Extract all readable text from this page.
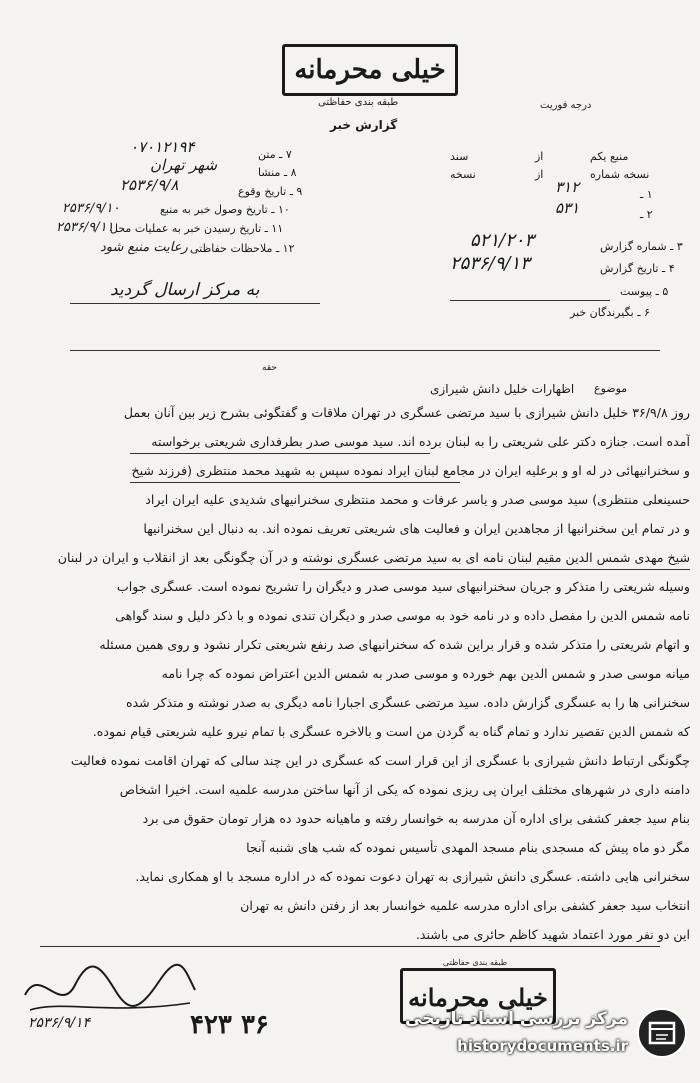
خیلی محرمانه
طبقه بندی حفاظتی
گزارش خبر
درجه فوریت
۷ ـ متن
۰۷۰۱۲۱۹۴
۸ ـ منشا
شهر تهران
۹ ـ تاریخ وقوع
۲۵۳۶/۹/۸
۱۰ ـ تاریخ وصول خبر به منبع
۲۵۳۶/۹/۱۰
۱۱ ـ تاریخ رسیدن خبر به عملیات محل
۲۵۳۶/۹/۱۱
۱۲ ـ ملاحظات حفاظتی
رعایت منبع شود
به مرکز ارسال گردید
منبع یکم
از
سند
نسخه شماره
از
نسخه
۱ ـ
۳۱۲
۲ ـ
۵۳۱
۳ ـ شماره گزارش
۵۲۱/۲۰۳
۴ ـ تاریخ گزارش
۲۵۳۶/۹/۱۳
۵ ـ پیوست
۶ ـ بگیرندگان خبر
حقه
موضوع
اظهارات خلیل دانش شیرازی
روز ۳۶/۹/۸ خلیل دانش شیرازی با سید مرتضی عسگری در تهران ملاقات و گفتگوئی بشرح زیر بین آنان بعمل
آمده است. جنازه دکتر علی شریعتی را به لبنان برده اند. سید موسی صدر بطرفداری شریعتی برخواسته
و سخنرانیهائی در له او و برعلیه ایران در مجامع لبنان ایراد نموده سپس به شهید محمد منتظری (فرزند شیخ
حسینعلی منتظری) سید موسی صدر و یاسر عرفات و محمد منتظری سخنرانیهای شدیدی علیه ایران ایراد
و در تمام این سخنرانیها از مجاهدین ایران و فعالیت های شریعتی تعریف نموده اند. به دنبال این سخنرانیها
شیخ مهدی شمس الدین مقیم لبنان نامه ای به سید مرتضی عسگری نوشته و در آن چگونگی بعد از انقلاب و ایران در لبنان
وسیله شریعتی را متذکر و جریان سخنرانیهای سید موسی صدر و دیگران را تشریح نموده است. عسگری جواب
نامه شمس الدین را مفصل داده و در نامه خود به موسی صدر و دیگران تندی نموده و با ذکر دلیل و سند گواهی
و اتهام شریعتی را متذکر شده و قرار براین شده که سخنرانیهای صد رنفع شریعتی تکرار نشود و روی همین مسئله
میانه موسی صدر و شمس الدین بهم خورده و موسی صدر به شمس الدین اعتراض نموده که چرا نامه
سخنرانی ها را به عسگری گزارش داده. سید مرتضی عسگری اجبارا نامه دیگری به صدر نوشته و متذکر شده
که شمس الدین تقصیر ندارد و تمام گناه به گردن من است و بالاخره عسگری با تمام نیرو علیه شریعتی قیام نموده.
چگونگی ارتباط دانش شیرازی با عسگری از این قرار است که عسگری در این چند سالی که تهران اقامت نموده فعالیت
دامنه داری در شهرهای مختلف ایران پی ریزی نموده که یکی از آنها ساختن مدرسه علمیه است. اخیرا اشخاص
بنام سید جعفر کشفی برای اداره آن مدرسه به خوانسار رفته و ماهیانه حدود ده هزار تومان حقوق می برد
مگر دو ماه پیش که مسجدی بنام مسجد المهدی تأسیس نموده که شب های شنبه آنجا
سخنرانی هایی داشته. عسگری دانش شیرازی به تهران دعوت نموده که در اداره مسجد با او همکاری نماید.
انتخاب سید جعفر کشفی برای اداره مدرسه علمیه خوانسار بعد از رفتن دانش به تهران
این دو نفر مورد اعتماد شهید کاظم حائری می باشند.
طبقه بندی حفاظتی
خیلی محرمانه
۲۵۳۶/۹/۱۴	۳۶ ۴۲۳	مرکز بررسی اسناد تاریخی
historydocuments.ir
